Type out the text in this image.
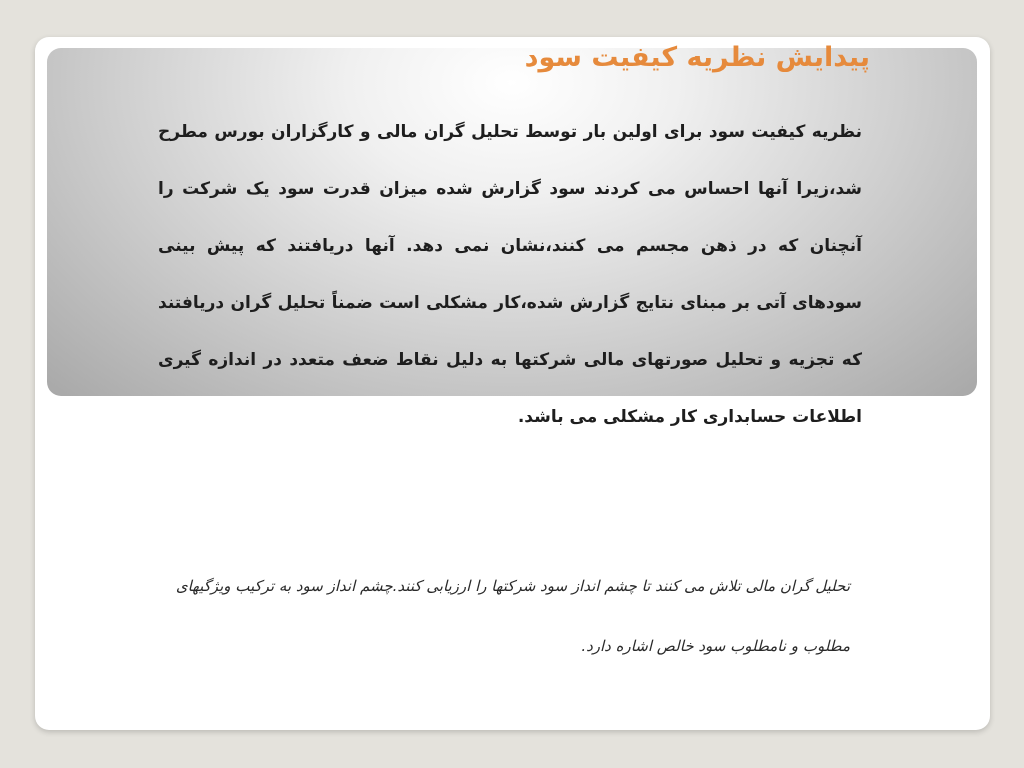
پیدایش نظریه کیفیت سود

نظریه کیفیت سود برای اولین بار توسط تحلیل گران مالی و کارگزاران بورس مطرح شد،زیرا آنها احساس می کردند سود گزارش شده میزان قدرت سود یک شرکت را آنچنان که در ذهن مجسم می کنند،نشان نمی دهد. آنها دریافتند که پیش بینی سودهای آتی بر مبنای نتایج گزارش شده،کار مشکلی است ضمناً تحلیل گران دریافتند که تجزیه و تحلیل صورتهای مالی شرکتها به دلیل نقاط ضعف متعدد در اندازه گیری اطلاعات حسابداری کار مشکلی می باشد.

تحلیل گران مالی تلاش می کنند تا چشم انداز سود شرکتها را ارزیابی کنند.چشم انداز سود به ترکیب ویژگیهای مطلوب و نامطلوب سود خالص اشاره دارد.
